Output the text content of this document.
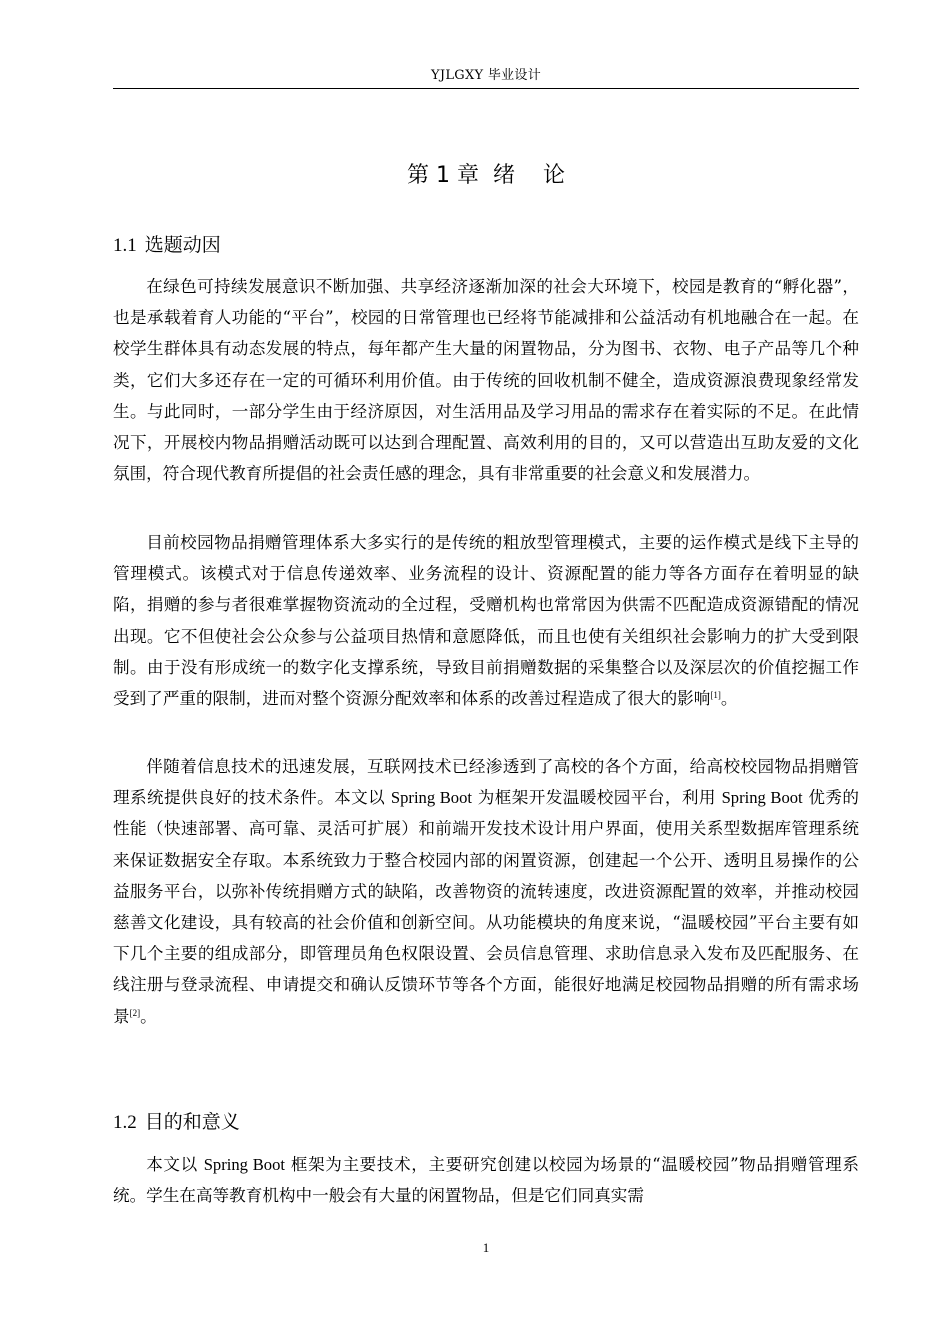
YJLGXY 毕业设计
第 1 章 绪 论
1.1 选题动因

在绿色可持续发展意识不断加强、共享经济逐渐加深的社会大环境下，校园是教育的“孵化器”，也是承载着育人功能的“平台”，校园的日常管理也已经将节能减排和公益活动有机地融合在一起。在校学生群体具有动态发展的特点，每年都产生大量的闲置物品，分为图书、衣物、电子产品等几个种类，它们大多还存在一定的可循环利用价值。由于传统的回收机制不健全，造成资源浪费现象经常发生。与此同时，一部分学生由于经济原因，对生活用品及学习用品的需求存在着实际的不足。在此情况下，开展校内物品捐赠活动既可以达到合理配置、高效利用的目的，又可以营造出互助友爱的文化氛围，符合现代教育所提倡的社会责任感的理念，具有非常重要的社会意义和发展潜力。

目前校园物品捐赠管理体系大多实行的是传统的粗放型管理模式，主要的运作模式是线下主导的管理模式。该模式对于信息传递效率、业务流程的设计、资源配置的能力等各方面存在着明显的缺陷，捐赠的参与者很难掌握物资流动的全过程，受赠机构也常常因为供需不匹配造成资源错配的情况出现。它不但使社会公众参与公益项目热情和意愿降低，而且也使有关组织社会影响力的扩大受到限制。由于没有形成统一的数字化支撑系统，导致目前捐赠数据的采集整合以及深层次的价值挖掘工作受到了严重的限制，进而对整个资源分配效率和体系的改善过程造成了很大的影响[1]。

伴随着信息技术的迅速发展，互联网技术已经渗透到了高校的各个方面，给高校校园物品捐赠管理系统提供良好的技术条件。本文以 Spring Boot 为框架开发温暖校园平台，利用 Spring Boot 优秀的性能（快速部署、高可靠、灵活可扩展）和前端开发技术设计用户界面，使用关系型数据库管理系统来保证数据安全存取。本系统致力于整合校园内部的闲置资源，创建起一个公开、透明且易操作的公益服务平台，以弥补传统捐赠方式的缺陷，改善物资的流转速度，改进资源配置的效率，并推动校园慈善文化建设，具有较高的社会价值和创新空间。从功能模块的角度来说，“温暖校园”平台主要有如下几个主要的组成部分，即管理员角色权限设置、会员信息管理、求助信息录入发布及匹配服务、在线注册与登录流程、申请提交和确认反馈环节等各个方面，能很好地满足校园物品捐赠的所有需求场景[2]。

1.2 目的和意义

本文以 Spring Boot 框架为主要技术，主要研究创建以校园为场景的“温暖校园”物品捐赠管理系统。学生在高等教育机构中一般会有大量的闲置物品，但是它们同真实需

1
